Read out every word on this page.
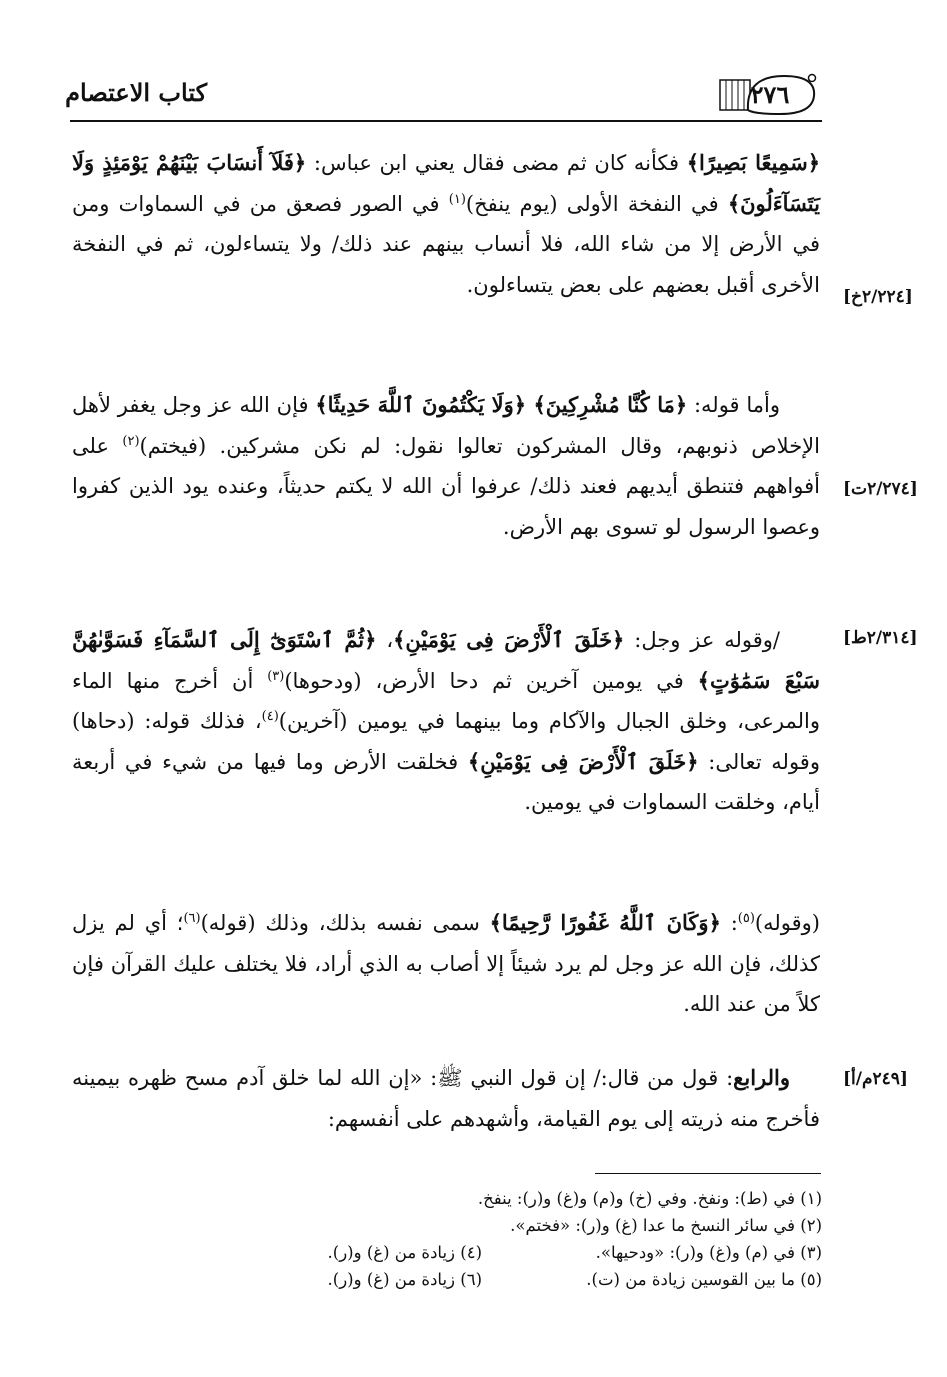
كتاب الاعتصام	٢٧٦
[٢/٢٢٤خ]
[٢/٢٧٤ت]
[٢/٣١٤ط]
[٢٤٩م/أ]

﴿سَمِيعًا بَصِيرًا﴾ فكأنه كان ثم مضى فقال يعني ابن عباس: ﴿فَلَآ أَنسَابَ بَيْنَهُمْ يَوْمَئِذٍ وَلَا يَتَسَآءَلُونَ﴾ في النفخة الأولى (يوم ينفخ)$^{(١)}$ في الصور فصعق من في السماوات ومن في الأرض إلا من شاء الله، فلا أنساب بينهم عند ذلك/ ولا يتساءلون، ثم في النفخة الأخرى أقبل بعضهم على بعض يتساءلون.

وأما قوله: ﴿مَا كُنَّا مُشْرِكِينَ﴾ ﴿وَلَا يَكْتُمُونَ ٱللَّهَ حَدِيثًا﴾ فإن الله عز وجل يغفر لأهل الإخلاص ذنوبهم، وقال المشركون تعالوا نقول: لم نكن مشركين. (فيختم)$^{(٢)}$ على أفواههم فتنطق أيديهم فعند ذلك/ عرفوا أن الله لا يكتم حديثاً، وعنده يود الذين كفروا وعصوا الرسول لو تسوى بهم الأرض.

/وقوله عز وجل: ﴿خَلَقَ ٱلْأَرْضَ فِى يَوْمَيْنِ﴾، ﴿ثُمَّ ٱسْتَوَىٰٓ إِلَى ٱلسَّمَآءِ فَسَوَّىٰهُنَّ سَبْعَ سَمَٰوَٰتٍ﴾ في يومين آخرين ثم دحا الأرض، (ودحوها)$^{(٣)}$ أن أخرج منها الماء والمرعى، وخلق الجبال والآكام وما بينهما في يومين (آخرين)$^{(٤)}$، فذلك قوله: (دحاها) وقوله تعالى: ﴿خَلَقَ ٱلْأَرْضَ فِى يَوْمَيْنِ﴾ فخلقت الأرض وما فيها من شيء في أربعة أيام، وخلقت السماوات في يومين.

(وقوله)$^{(٥)}$: ﴿وَكَانَ ٱللَّهُ غَفُورًا رَّحِيمًا﴾ سمى نفسه بذلك، وذلك (قوله)$^{(٦)}$؛ أي لم يزل كذلك، فإن الله عز وجل لم يرد شيئاً إلا أصاب به الذي أراد، فلا يختلف عليك القرآن فإن كلاً من عند الله.

والرابع: قول من قال:/ إن قول النبي ﷺ: «إن الله لما خلق آدم مسح ظهره بيمينه فأخرج منه ذريته إلى يوم القيامة، وأشهدهم على أنفسهم:

(١) في (ط): ونفخ. وفي (خ) و(م) و(غ) و(ر): ينفخ.
(٢) في سائر النسخ ما عدا (غ) و(ر): «فختم».
(٣) في (م) و(غ) و(ر): «ودحيها».
(٤) زيادة من (غ) و(ر).
(٥) ما بين القوسين زيادة من (ت).
(٦) زيادة من (غ) و(ر).
